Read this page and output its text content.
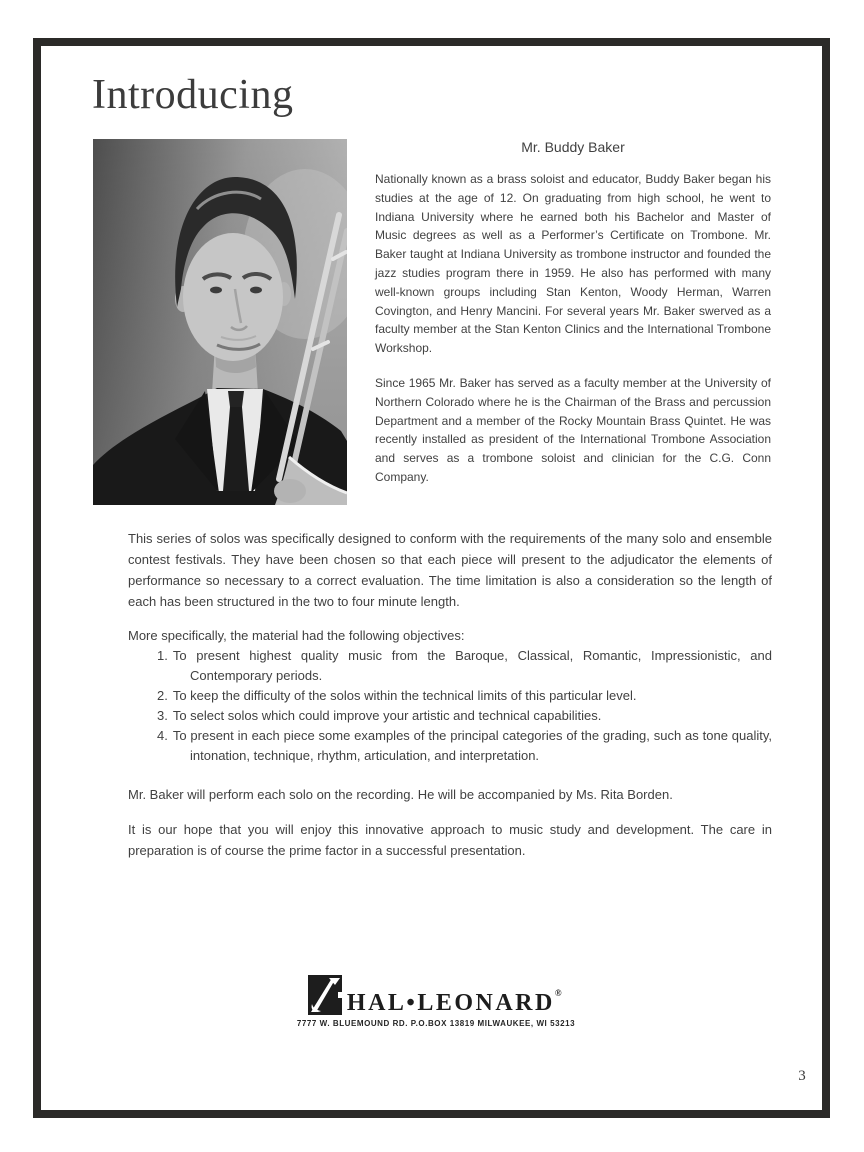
Introducing
Mr. Buddy Baker

Nationally known as a brass soloist and educator, Buddy Baker began his studies at the age of 12. On graduating from high school, he went to Indiana University where he earned both his Bachelor and Master of Music degrees as well as a Performer’s Certificate on Trombone. Mr. Baker taught at Indiana University as trombone instructor and founded the jazz studies program there in 1959. He also has performed with many well-known groups including Stan Kenton, Woody Herman, Warren Covington, and Henry Mancini. For several years Mr. Baker swerved as a faculty member at the Stan Kenton Clinics and the International Trombone Workshop.

Since 1965 Mr. Baker has served as a faculty member at the University of Northern Colorado where he is the Chairman of the Brass and percussion Department and a member of the Rocky Mountain Brass Quintet. He was recently installed as president of the International Trombone Association and serves as a trombone soloist and clinician for the C.G. Conn Company.

This series of solos was specifically designed to conform with the requirements of the many solo and ensemble contest festivals. They have been chosen so that each piece will present to the adjudicator the elements of performance so necessary to a correct evaluation. The time limitation is also a consideration so the length of each has been structured in the two to four minute length.

More specifically, the material had the following objectives:

1. To present highest quality music from the Baroque, Classical, Romantic, Impressionistic, and Contemporary periods.
2. To keep the difficulty of the solos within the technical limits of this particular level.
3. To select solos which could improve your artistic and technical capabilities.
4. To present in each piece some examples of the principal categories of the grading, such as tone quality, intonation, technique, rhythm, articulation, and interpretation.

Mr. Baker will perform each solo on the recording. He will be accompanied by Ms. Rita Borden.

It is our hope that you will enjoy this innovative approach to music study and development. The care in preparation is of course the prime factor in a successful presentation.

HAL•LEONARD®
7777 W. BLUEMOUND RD. P.O.BOX 13819 MILWAUKEE, WI 53213
3
